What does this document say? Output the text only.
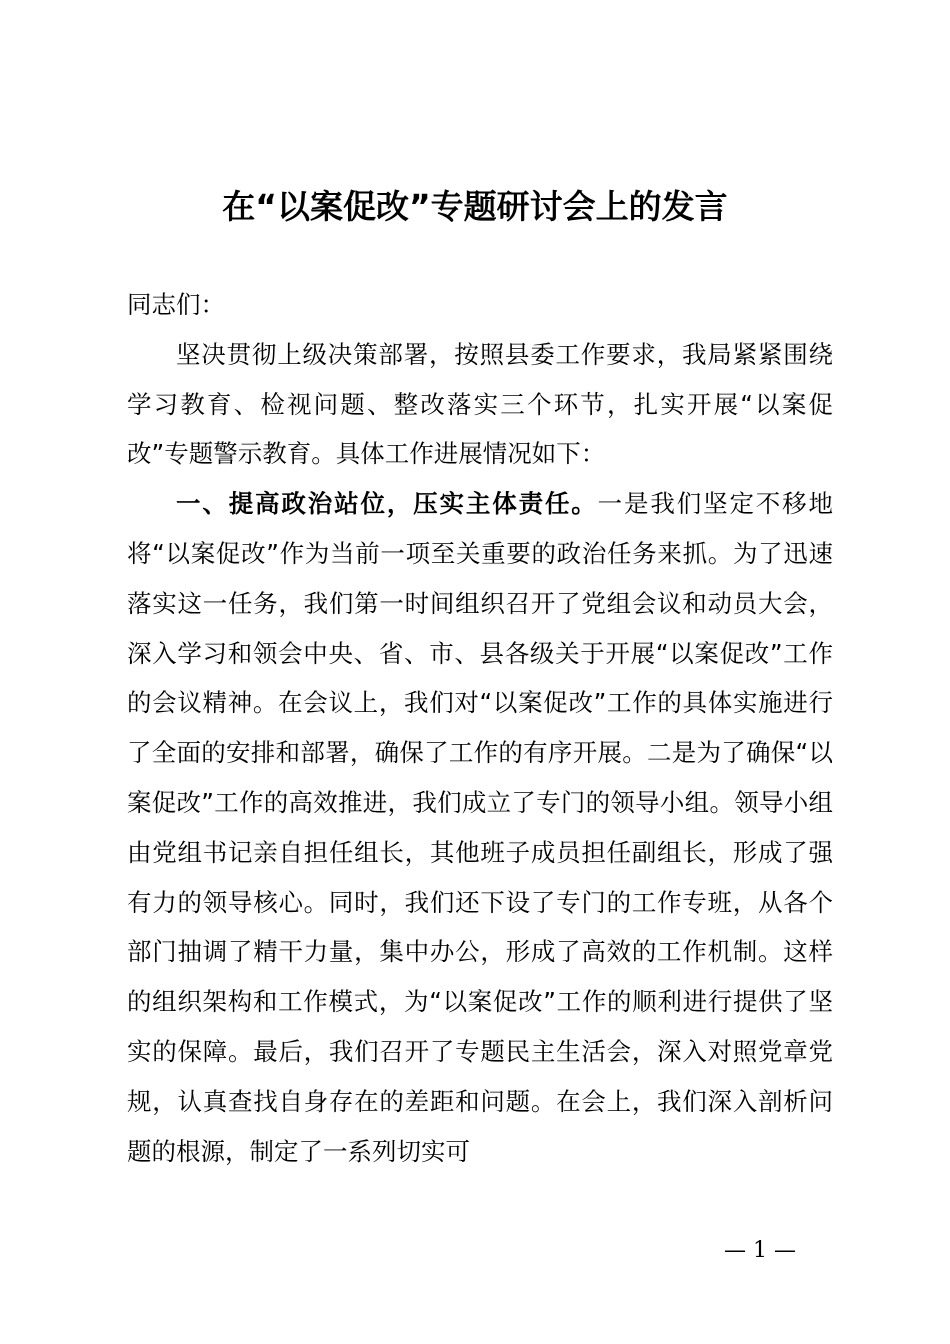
在“以案促改”专题研讨会上的发言

同志们：

坚决贯彻上级决策部署，按照县委工作要求，我局紧紧围绕学习教育、检视问题、整改落实三个环节，扎实开展“以案促改”专题警示教育。具体工作进展情况如下：

一、提高政治站位，压实主体责任。一是我们坚定不移地将“以案促改”作为当前一项至关重要的政治任务来抓。为了迅速落实这一任务，我们第一时间组织召开了党组会议和动员大会，深入学习和领会中央、省、市、县各级关于开展“以案促改”工作的会议精神。在会议上，我们对“以案促改”工作的具体实施进行了全面的安排和部署，确保了工作的有序开展。二是为了确保“以案促改”工作的高效推进，我们成立了专门的领导小组。领导小组由党组书记亲自担任组长，其他班子成员担任副组长，形成了强有力的领导核心。同时，我们还下设了专门的工作专班，从各个部门抽调了精干力量，集中办公，形成了高效的工作机制。这样的组织架构和工作模式，为“以案促改”工作的顺利进行提供了坚实的保障。最后，我们召开了专题民主生活会，深入对照党章党规，认真查找自身存在的差距和问题。在会上，我们深入剖析问题的根源，制定了一系列切实可

— 1 —
